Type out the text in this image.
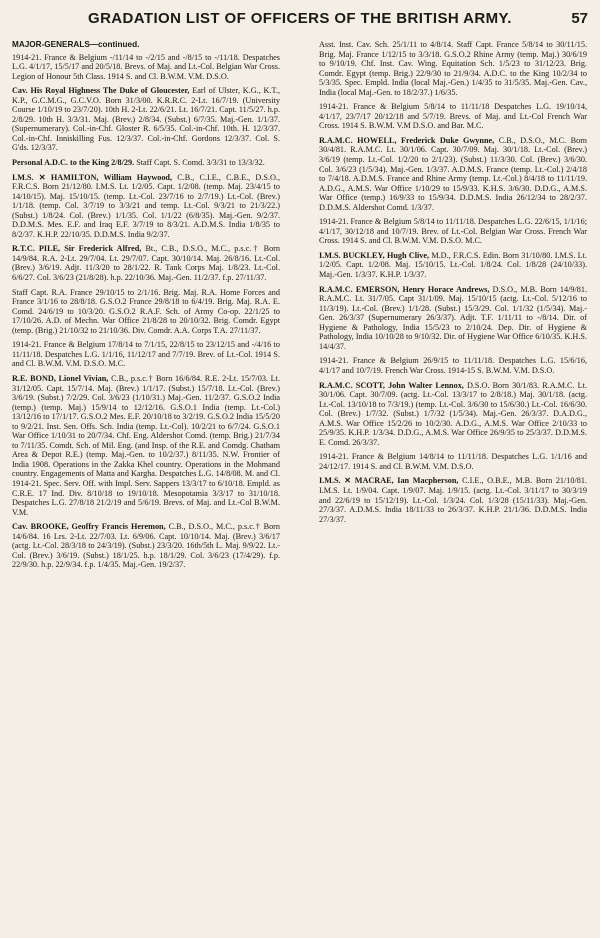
GRADATION LIST OF OFFICERS OF THE BRITISH ARMY.	57

MAJOR-GENERALS—continued.

1914-21. France & Belgium -/11/14 to -/2/15 and -/8/15 to -/11/18. Despatches L.G. 4/1/17, 15/5/17 and 20/5/18. Brevs. of Maj. and Lt.-Col. Belgian War Cross. Legion of Honour 5th Class. 1914 S. and Cl. B.W.M. V.M. D.S.O.

Cav. His Royal Highness The Duke of Gloucester, Earl of Ulster, K.G., K.T., K.P., G.C.M.G., G.C.V.O. Born 31/3/00. K.R.R.C. 2-Lt. 16/7/19. (University Course 1/10/19 to 23/7/20). 10th H. 2-Lt. 22/6/21. Lt. 16/7/21. Capt. 11/5/27. h.p. 2/8/29. 10th H. 3/3/31. Maj. (Brev.) 2/8/34. (Subst.) 6/7/35. Maj.-Gen. 1/1/37. (Supernumerary). Col.-in-Chf. Gloster R. 6/5/35. Col.-in-Chf. 10th. H. 12/3/37. Col.-in-Chf. Inniskilling Fus. 12/3/37. Col.-in-Chf. Gordons 12/3/37. Col. S. G'ds. 12/3/37.

Personal A.D.C. to the King 2/8/29. Staff Capt. S. Comd. 3/3/31 to 13/3/32.

I.M.S. ✕ HAMILTON, William Haywood, C.B., C.I.E., C.B.E., D.S.O., F.R.C.S. Born 21/12/80. I.M.S. Lt. 1/2/05. Capt. 1/2/08. (temp. Maj. 23/4/15 to 14/10/15). Maj. 15/10/15. (temp. Lt.-Col. 23/7/16 to 2/7/19.) Lt.-Col. (Brev.) 1/1/18. (temp. Col. 3/7/19 to 3/3/21 and temp. Lt.-Col. 9/3/21 to 21/3/22.) (Subst.) 1/8/24. Col. (Brev.) 1/1/35. Col. 1/1/22 (6/8/35). Maj.-Gen. 9/2/37. D.D.M.S. Mes. E.F. and Iraq E.F. 3/7/19 to 8/3/21. A.D.M.S. India 1/8/35 to 8/2/37. K.H.P. 22/10/35. D.D.M.S. India 9/2/37.

R.T.C. PILE, Sir Frederick Alfred, Bt., C.B., D.S.O., M.C., p.s.c.† Born 14/9/84. R.A. 2-Lt. 29/7/04. Lt. 29/7/07. Capt. 30/10/14. Maj. 26/8/16. Lt.-Col. (Brev.) 3/6/19. Adjt. 11/3/20 to 28/1/22. R. Tank Corps Maj. 1/8/23. Lt.-Col. 6/6/27. Col. 3/6/23 (21/8/28). h.p. 22/10/36. Maj.-Gen. 11/2/37. f.p. 27/11/37.

Staff Capt. R.A. France 29/10/15 to 2/1/16. Brig. Maj. R.A. Home Forces and France 3/1/16 to 28/8/18. G.S.O.2 France 29/8/18 to 6/4/19. Brig. Maj. R.A. E. Comd. 24/6/19 to 10/3/20. G.S.O.2 R.A.F. Sch. of Army Co-op. 22/1/25 to 17/10/26. A.D. of Mechn. War Office 21/8/28 to 20/10/32. Brig. Comdr. Egypt (temp. (Brig.) 21/10/32 to 21/10/36. Div. Comdr. A.A. Corps T.A. 27/11/37.

1914-21. France & Belgium 17/8/14 to 7/1/15, 22/8/15 to 23/12/15 and -/4/16 to 11/11/18. Despatches L.G. 1/1/16, 11/12/17 and 7/7/19. Brev. of Lt.-Col. 1914 S. and Cl. B.W.M. V.M. D.S.O. M.C.

R.E. BOND, Lionel Vivian, C.B., p.s.c.† Born 16/6/84. R.E. 2-Lt. 15/7/03. Lt. 31/12/05. Capt. 15/7/14. Maj. (Brev.) 1/1/17. (Subst.) 15/7/18. Lt.-Col. (Brev.) 3/6/19. (Subst.) 7/2/29. Col. 3/6/23 (1/10/31.) Maj.-Gen. 11/2/37. G.S.O.2 India (temp.) (temp. Maj.) 15/9/14 to 12/12/16. G.S.O.1 India (temp. Lt.-Col.) 13/12/16 to 17/1/17. G.S.O.2 Mes. E.F. 20/10/18 to 3/2/19. G.S.O.2 India 15/5/20 to 9/2/21. Inst. Sen. Offs. Sch. India (temp. Lt.-Col). 10/2/21 to 6/7/24. G.S.O.1 War Office 1/10/31 to 20/7/34. Chf. Eng. Aldershot Comd. (temp. Brig.) 21/7/34 to 7/11/35. Comdt. Sch. of Mil. Eng. (and Insp. of the R.E. and Comdg. Chatham Area & Depot R.E.) (temp. Maj.-Gen. to 10/2/37.) 8/11/35. N.W. Frontier of India 1908. Operations in the Zakka Khel country. Operations in the Mohmand country. Engagements of Matta and Kargha. Despatches L.G. 14/8/08. M. and Cl. 1914-21. Spec. Serv. Off. with Impl. Serv. Sappers 13/3/17 to 6/10/18. Empld. as C.R.E. 17 Ind. Div. 8/10/18 to 19/10/18. Mesopotamia 3/3/17 to 31/10/18. Despatches L.G. 27/8/18 21/2/19 and 5/6/19. Brevs. of Maj. and Lt.-Col B.W.M. V.M.

Cav. BROOKE, Geoffry Francis Heremon, C.B., D.S.O., M.C., p.s.c.† Born 14/6/84. 16 Lrs. 2-Lt. 22/7/03. Lt. 6/9/06. Capt. 10/10/14. Maj. (Brev.) 3/6/17 (actg. Lt.-Col. 28/3/18 to 24/3/19). (Subst.) 23/3/20. 16th/5th L. Maj. 9/9/22. Lt.-Col. (Brev.) 3/6/19. (Subst.) 18/1/25. h.p. 18/1/29. Col. 3/6/23 (17/4/29). f.p. 22/9/30. h.p. 22/9/34. f.p. 1/4/35. Maj.-Gen. 19/2/37.

Asst. Inst. Cav. Sch. 25/1/11 to 4/8/14. Staff Capt. France 5/8/14 to 30/11/15. Brig. Maj. France 1/12/15 to 3/3/18. G.S.O.2 Rhine Army (temp. Maj.) 30/6/19 to 9/10/19. Chf. Inst. Cav. Wing. Equitation Sch. 1/5/23 to 31/12/23. Brig. Comdr. Egypt (temp. Brig.) 22/9/30 to 21/9/34. A.D.C. to the King 10/2/34 to 5/3/35. Spec. Empld. India (local Maj.-Gen.) 1/4/35 to 31/5/35. Maj.-Gen. Cav., India (local Maj.-Gen. to 18/2/37.) 1/6/35.

1914-21. France & Belgium 5/8/14 to 11/11/18 Despatches L.G. 19/10/14, 4/1/17, 23/7/17 20/12/18 and 5/7/19. Brevs. of Maj. and Lt.-Col French War Cross. 1914 S. B.W.M. V.M D.S.O. and Bar. M.C.

R.A.M.C. HOWELL, Frederick Duke Gwynne, C.B., D.S.O., M.C. Born 30/4/81. R.A.M.C. Lt. 30/1/06. Capt. 30/7/09. Maj. 30/1/18. Lt.-Col. (Brev.) 3/6/19 (temp. Lt.-Col. 1/2/20 to 2/1/23). (Subst.) 11/3/30. Col. (Brev.) 3/6/30. Col. 3/6/23 (1/5/34). Maj.-Gen. 1/3/37. A.D.M.S. France (temp. Lt.-Col.) 2/4/18 to 7/4/18. A.D.M.S. France and Rhine Army (temp. Lt.-Col.) 8/4/18 to 11/11/19. A.D.G., A.M.S. War Office 1/10/29 to 15/9/33. K.H.S. 3/6/30. D.D.G., A.M.S. War Office (temp.) 16/9/33 to 15/9/34. D.D.M.S. India 26/12/34 to 28/2/37. D.D.M.S. Aldershot Comd. 1/3/37.

1914-21. France & Belgium 5/8/14 to 11/11/18. Despatches L.G. 22/6/15, 1/1/16; 4/1/17, 30/12/18 and 10/7/19. Brev. of Lt.-Col. Belgian War Cross. French War Cross. 1914 S. and Cl. B.W.M. V.M. D.S.O. M.C.

I.M.S. BUCKLEY, Hugh Clive, M.D., F.R.C.S. Edin. Born 31/10/80. I.M.S. Lt. 1/2/05. Capt. 1/2/08. Maj. 15/10/15. Lt.-Col. 1/8/24. Col. 1/8/28 (24/10/33). Maj.-Gen. 1/3/37. K.H.P. 1/3/37.

R.A.M.C. EMERSON, Henry Horace Andrews, D.S.O., M.B. Born 14/9/81. R.A.M.C. Lt. 31/7/05. Capt 31/1/09. Maj. 15/10/15 (actg. Lt.-Col. 5/12/16 to 11/3/19). Lt.-Col. (Brev.) 1/1/28. (Subst.) 15/3/29. Col. 1/1/32 (1/5/34). Maj.-Gen. 26/3/37 (Supernumerary 26/3/37). Adjt. T.F. 1/11/11 to -/8/14. Dir. of Hygiene & Pathology, India 15/5/23 to 2/10/24. Dep. Dir. of Hygiene & Pathology, India 10/10/28 to 9/10/32. Dir. of Hygiene War Office 6/10/35. K.H.S. 14/4/37.

1914-21. France & Belgium 26/9/15 to 11/11/18. Despatches L.G. 15/6/16, 4/1/17 and 10/7/19. French War Cross. 1914-15 S. B.W.M. V.M. D.S.O.

R.A.M.C. SCOTT, John Walter Lennox, D.S.O. Born 30/1/83. R.A.M.C. Lt. 30/1/06. Capt. 30/7/09. (actg. Lt.-Col. 13/3/17 to 2/8/18.) Maj. 30/1/18. (actg. Lt.-Col. 13/10/18 to 7/3/19.) (temp. Lt.-Col. 3/6/30 to 15/6/30.) Lt.-Col. 16/6/30. Col. (Brev.) 1/7/32. (Subst.) 1/7/32 (1/5/34). Maj.-Gen. 26/3/37. D.A.D.G., A.M.S. War Office 15/2/26 to 10/2/30. A.D.G., A.M.S. War Office 2/10/33 to 25/9/35. K.H.P. 1/3/34. D.D.G., A.M.S. War Office 26/9/35 to 25/3/37. D.D.M.S. E. Comd. 26/3/37.

1914-21. France & Belgium 14/8/14 to 11/11/18. Despatches L.G. 1/1/16 and 24/12/17. 1914 S. and Cl. B.W.M. V.M. D.S.O.

I.M.S. ✕ MACRAE, Ian Macpherson, C.I.E., O.B.E., M.B. Born 21/10/81. I.M.S. Lt. 1/9/04. Capt. 1/9/07. Maj. 1/9/15. (actg. Lt.-Col. 3/11/17 to 30/3/19 and 22/6/19 to 15/12/19). Lt.-Col. 1/3/24. Col. 1/3/28 (15/11/33). Maj.-Gen. 27/3/37. A.D.M.S. India 18/11/33 to 26/3/37. K.H.P. 21/1/36. D.D.M.S. India 27/3/37.
